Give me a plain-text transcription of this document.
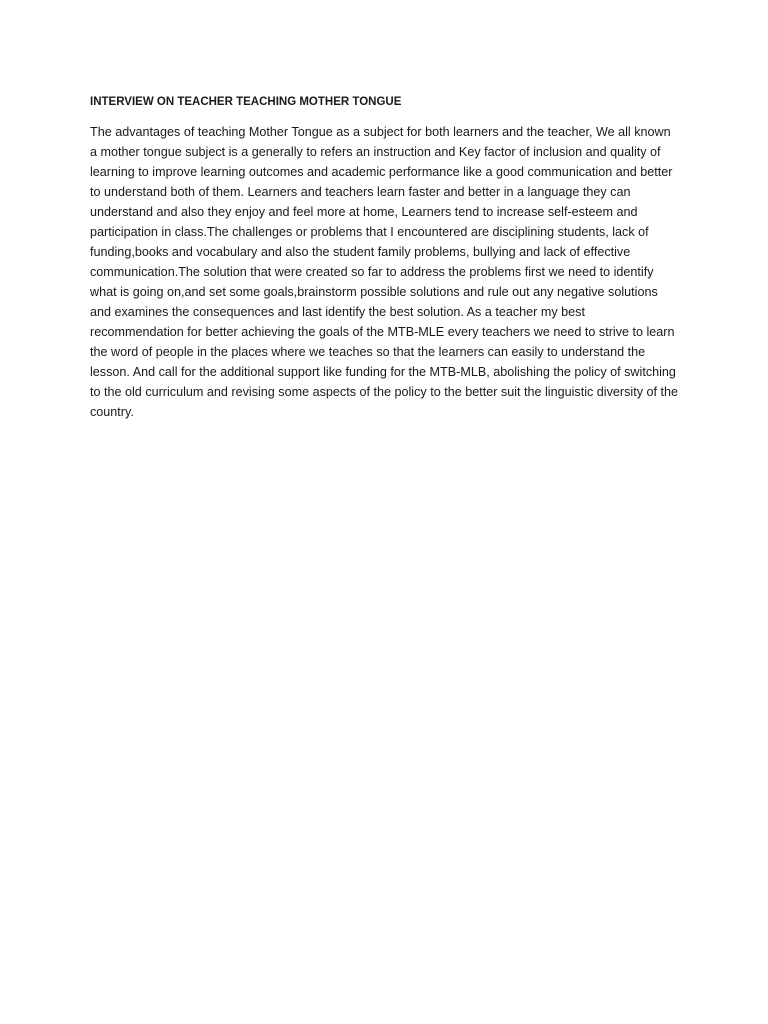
INTERVIEW ON TEACHER TEACHING MOTHER TONGUE

The advantages of teaching Mother Tongue as a subject for both learners and the teacher, We all known a mother tongue subject is a generally to refers an instruction and Key factor of inclusion and quality of learning to improve learning outcomes and academic performance like a good communication and better to understand both of them. Learners and teachers learn faster and better in a language they can understand and also they enjoy and feel more at home, Learners tend to increase self-esteem and participation in class.The challenges or problems that I encountered are disciplining students, lack of funding,books and vocabulary and also the student family problems, bullying and lack of effective communication.The solution that were created so far to address the problems first we need to identify what is going on,and set some goals,brainstorm possible solutions and rule out any negative solutions and examines the consequences and last identify the best solution. As a teacher my best recommendation for better achieving the goals of the MTB-MLE every teachers we need to strive to learn the word of people in the places where we teaches so that the learners can easily to understand the lesson. And call for the additional support like funding for the MTB-MLB, abolishing the policy of switching to the old curriculum and revising some aspects of the policy to the better suit the linguistic diversity of the country.
